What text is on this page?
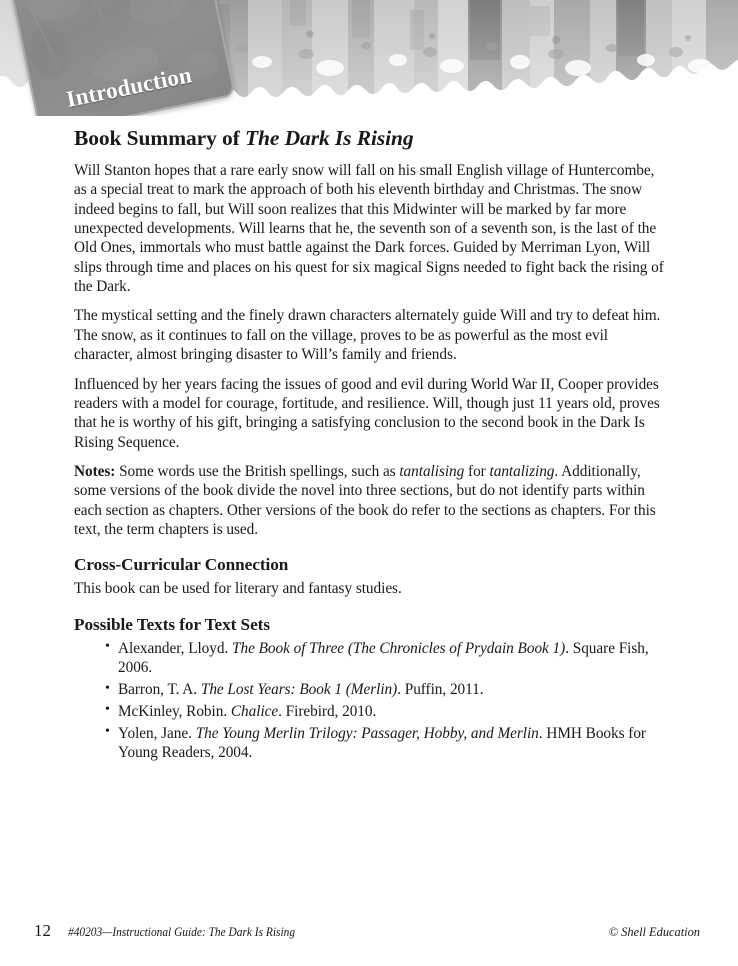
Introduction
Book Summary of The Dark Is Rising

Will Stanton hopes that a rare early snow will fall on his small English village of Huntercombe, as a special treat to mark the approach of both his eleventh birthday and Christmas. The snow indeed begins to fall, but Will soon realizes that this Midwinter will be marked by far more unexpected developments. Will learns that he, the seventh son of a seventh son, is the last of the Old Ones, immortals who must battle against the Dark forces. Guided by Merriman Lyon, Will slips through time and places on his quest for six magical Signs needed to fight back the rising of the Dark.

The mystical setting and the finely drawn characters alternately guide Will and try to defeat him. The snow, as it continues to fall on the village, proves to be as powerful as the most evil character, almost bringing disaster to Will’s family and friends.

Influenced by her years facing the issues of good and evil during World War II, Cooper provides readers with a model for courage, fortitude, and resilience. Will, though just 11 years old, proves that he is worthy of his gift, bringing a satisfying conclusion to the second book in the Dark Is Rising Sequence.

Notes: Some words use the British spellings, such as tantalising for tantalizing. Additionally, some versions of the book divide the novel into three sections, but do not identify parts within each section as chapters. Other versions of the book do refer to the sections as chapters. For this text, the term chapters is used.

Cross-Curricular Connection

This book can be used for literary and fantasy studies.

Possible Texts for Text Sets
• Alexander, Lloyd. The Book of Three (The Chronicles of Prydain Book 1). Square Fish, 2006.
• Barron, T. A. The Lost Years: Book 1 (Merlin). Puffin, 2011.
• McKinley, Robin. Chalice. Firebird, 2010.
• Yolen, Jane. The Young Merlin Trilogy: Passager, Hobby, and Merlin. HMH Books for Young Readers, 2004.
12 #40203—Instructional Guide: The Dark Is Rising	© Shell Education
